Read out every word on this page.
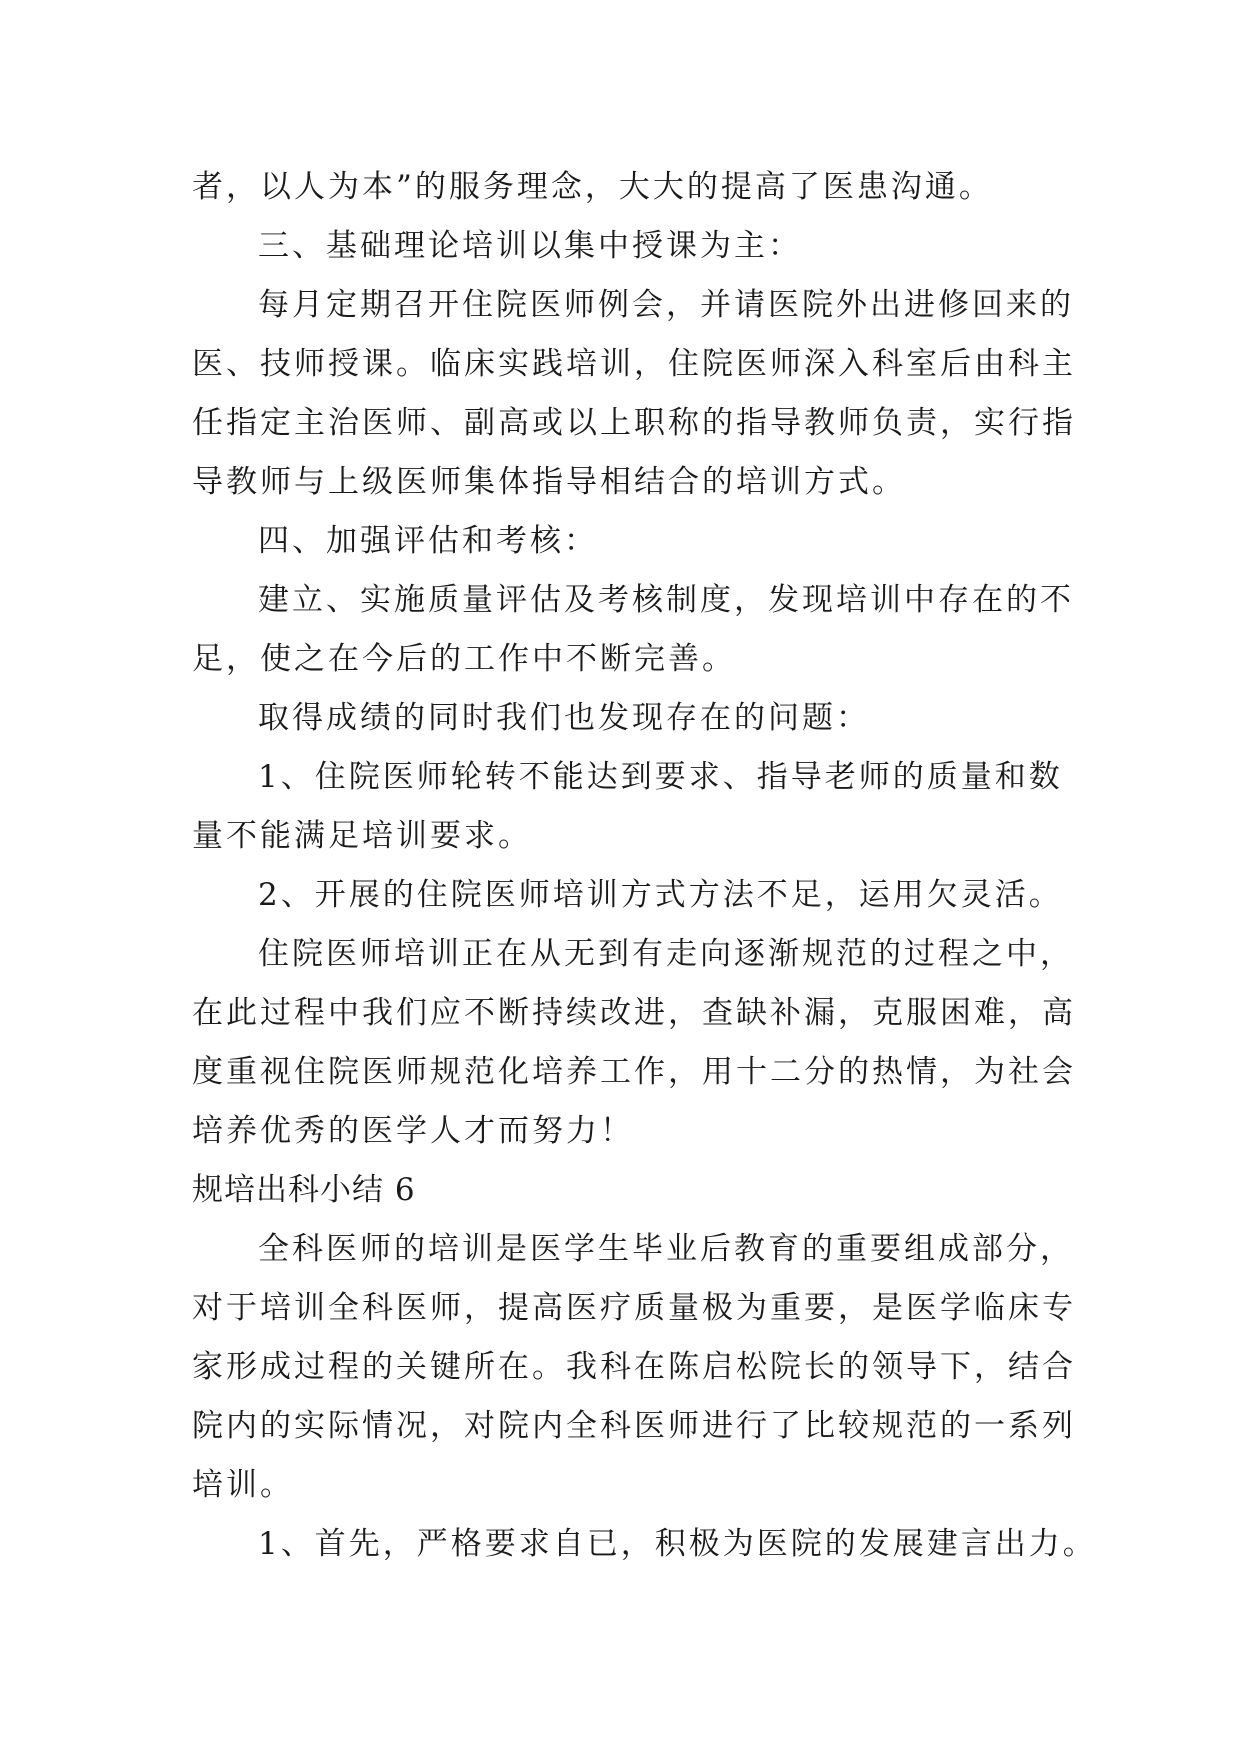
者，以人为本”的服务理念，大大的提高了医患沟通。
三、基础理论培训以集中授课为主：
每月定期召开住院医师例会，并请医院外出进修回来的
医、技师授课。临床实践培训，住院医师深入科室后由科主
任指定主治医师、副高或以上职称的指导教师负责，实行指
导教师与上级医师集体指导相结合的培训方式。
四、加强评估和考核：
建立、实施质量评估及考核制度，发现培训中存在的不
足，使之在今后的工作中不断完善。
取得成绩的同时我们也发现存在的问题：
1、住院医师轮转不能达到要求、指导老师的质量和数
量不能满足培训要求。
2、开展的住院医师培训方式方法不足，运用欠灵活。
住院医师培训正在从无到有走向逐渐规范的过程之中，
在此过程中我们应不断持续改进，查缺补漏，克服困难，高
度重视住院医师规范化培养工作，用十二分的热情，为社会
培养优秀的医学人才而努力！
规培出科小结 6
全科医师的培训是医学生毕业后教育的重要组成部分，
对于培训全科医师，提高医疗质量极为重要，是医学临床专
家形成过程的关键所在。我科在陈启松院长的领导下，结合
院内的实际情况，对院内全科医师进行了比较规范的一系列
培训。
1、首先，严格要求自已，积极为医院的发展建言出力。
